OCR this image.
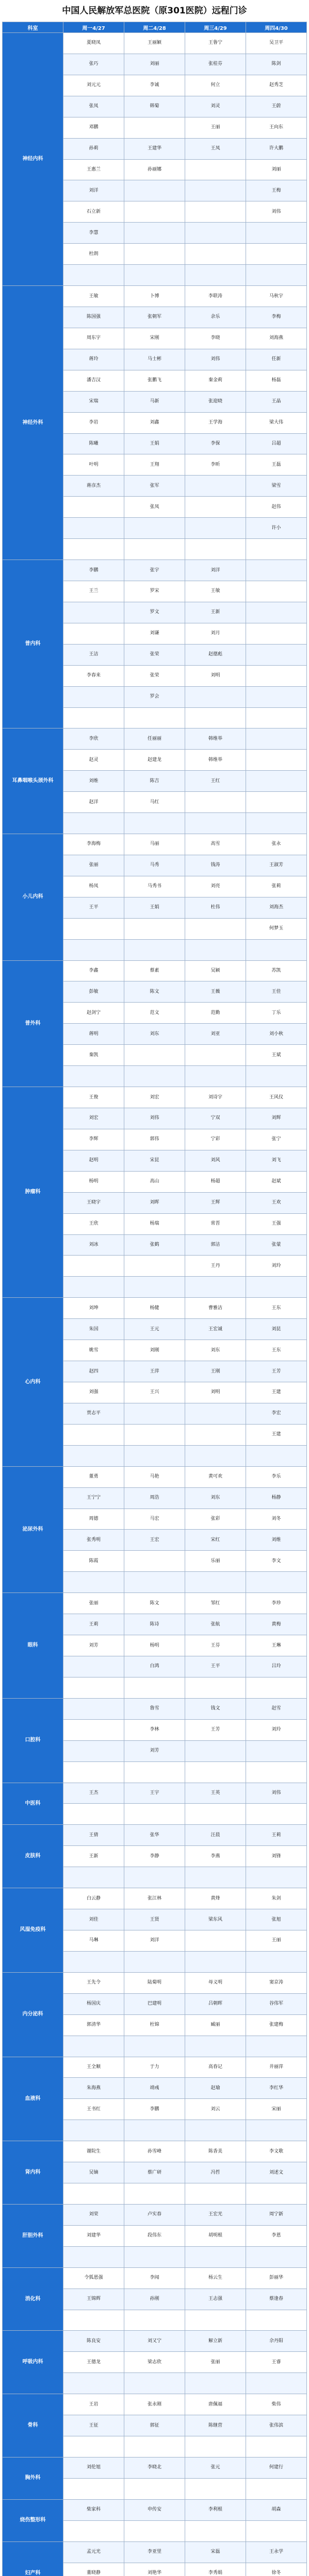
中国人民解放军总医院（原301医院）远程门诊
科室	周一4/27	周二4/28	周三4/29	周四4/30
神经内科	夏晓凤	王丽颖	王鲁宁	吴卫平
	张巧	刘丽	张桂芬	陈剑
	刘元元	李诚	何立	赵秀芝
	张凤	韩菊	刘灵	王蔚
	邓鹏		王丽	王向东
	孙莉	王建华	王凤	许大鹏
	王惠兰	孙丽娜		刘丽
	刘洋			王梅
	石立新			刘伟
	李慧			
	杜朗			

神经外科	王敏	卜博	李联涛	马秋宇
	陈国强	张朝军	余乐	李梅
	周东宇	宋刚	李晓	刘海燕
	蒋玲	马士彬	刘伟	任新
	潘吉汉	张鹏飞	秦金莉	杨磊
	宋瑞	马新	张迎晓	王晶
	李岩	刘鑫	王学海	梁大伟
	陈曦	王娟	李保	吕超
	叶明	王翔	李昕	王磊
	蒋彦杰	张军		梁雪
		张凤		赵伟
				许小

普内科	李鹏	张宇	刘洋	
	王兰	罗宋	王敏	
		罗文	王新	
		刘谦	刘月	
	王洁	张荣	赵德彪	
	李春来	张荣	刘明	
		罗会		

耳鼻咽喉头颈外科	李欣	任丽丽	韩维举	
	赵灵	赵建龙	韩维举	
	刘维	陈吉	王红	
	赵洋	马红		

小儿内科	李海梅	马丽	高雪	张永
	张丽	马秀	钱涛	王淑芳
	杨凤	马秀书	刘亮	张莉
	王平	王娟	杜伟	刘海杰
				何梦玉

普外科	李鑫	蔡素	吴颖	苏凯
	彭敏	陈文	王薇	王佳
	赵剑宁	范文	范勤	丁乐
	蒋明	刘东	刘亚	刘小秋
	秦凯			王斌

肿瘤科	王俊	刘宏	刘诗宇	王风仪
	刘宏	刘伟	宁双	刘辉
	李辉	郭伟	宁彩	张宁
	赵明	宋昆	刘风	刘飞
	杨明	高山	杨超	赵斌
	王晓宇	刘晖	王辉	王欢
	王欣	杨瑞	常晋	王强
	刘冰	张鹤	郭洁	张蒙
			王丹	刘玲

心内科	刘坤	杨健	曹雅洁	王东
	朱国	王元	王宏诚	刘昆
	姚雪	刘刚	刘东	王东
	赵四	王萍	王刚	王芳
	刘强	王兴	刘明	王建
	贾志平			李宏
				王建

泌尿外科	董勇	马艳	黄可欢	李乐
	王宁宁	周浩	刘东	杨静
	周德	马宏	张彩	刘冬
	张秀明	王宏	宋红	刘维
	陈霞		乐丽	李文

眼科	张丽	陈文	邹红	李珍
	王莉	陈诗	张航	黄梅
	刘芳	杨明	王芬	王琳
		白鸿	王平	吕玲

口腔科		鲁雪	钱文	赵雪
		李林	王芳	刘玲
		刘芳		

中医科	王杰	王宇	王英	刘伟

皮肤科	王倩	张华	汪晨	王莉
	王新	李静	李燕	刘锋

风湿免疫科	白云静	张江林	黄烽	朱剑
	刘佳	王贤	梁东风	张旭
	马琳	刘洋		王丽

内分泌科	王先令	陆菊明	母义明	窦京涛
	杨国庆	巴建明	吕朝晖	谷伟军
	郭清华	杜锦	臧丽	张建梅

血液科	王全顺	于力	高春记	井丽萍
	朱海燕	靖彧	赵瑜	李红华
	王书红	李鹏	刘云	宋丽

肾内科	谢院生	孙雪峰	陈香美	李文歌
	吴镝	蔡广研	冯哲	刘述文

肝胆外科	刘荣	卢实春	王宏光	周宁新
	刘建华	段伟东	胡明根	李恩

消化科	令狐恩强	李闻	杨云生	彭丽华
	王锦辉	孙刚	王志强	蔡逢春

呼吸内科	陈良安	刘又宁	解立新	佘丹阳
	王德龙	梁志欣	张丽	王睿

骨科	王岩	张永刚	唐佩福	柴伟
	王征	郭征	陈继营	张伟滨

胸外科	刘伦旭	李晓北	张元	何建行

烧伤整形科	柴家科	申传安	李利根	胡森

妇产科	孟元光	李亚里	宋磊	王永学
	董晓静	刘艳华	李秀娟	徐冬
